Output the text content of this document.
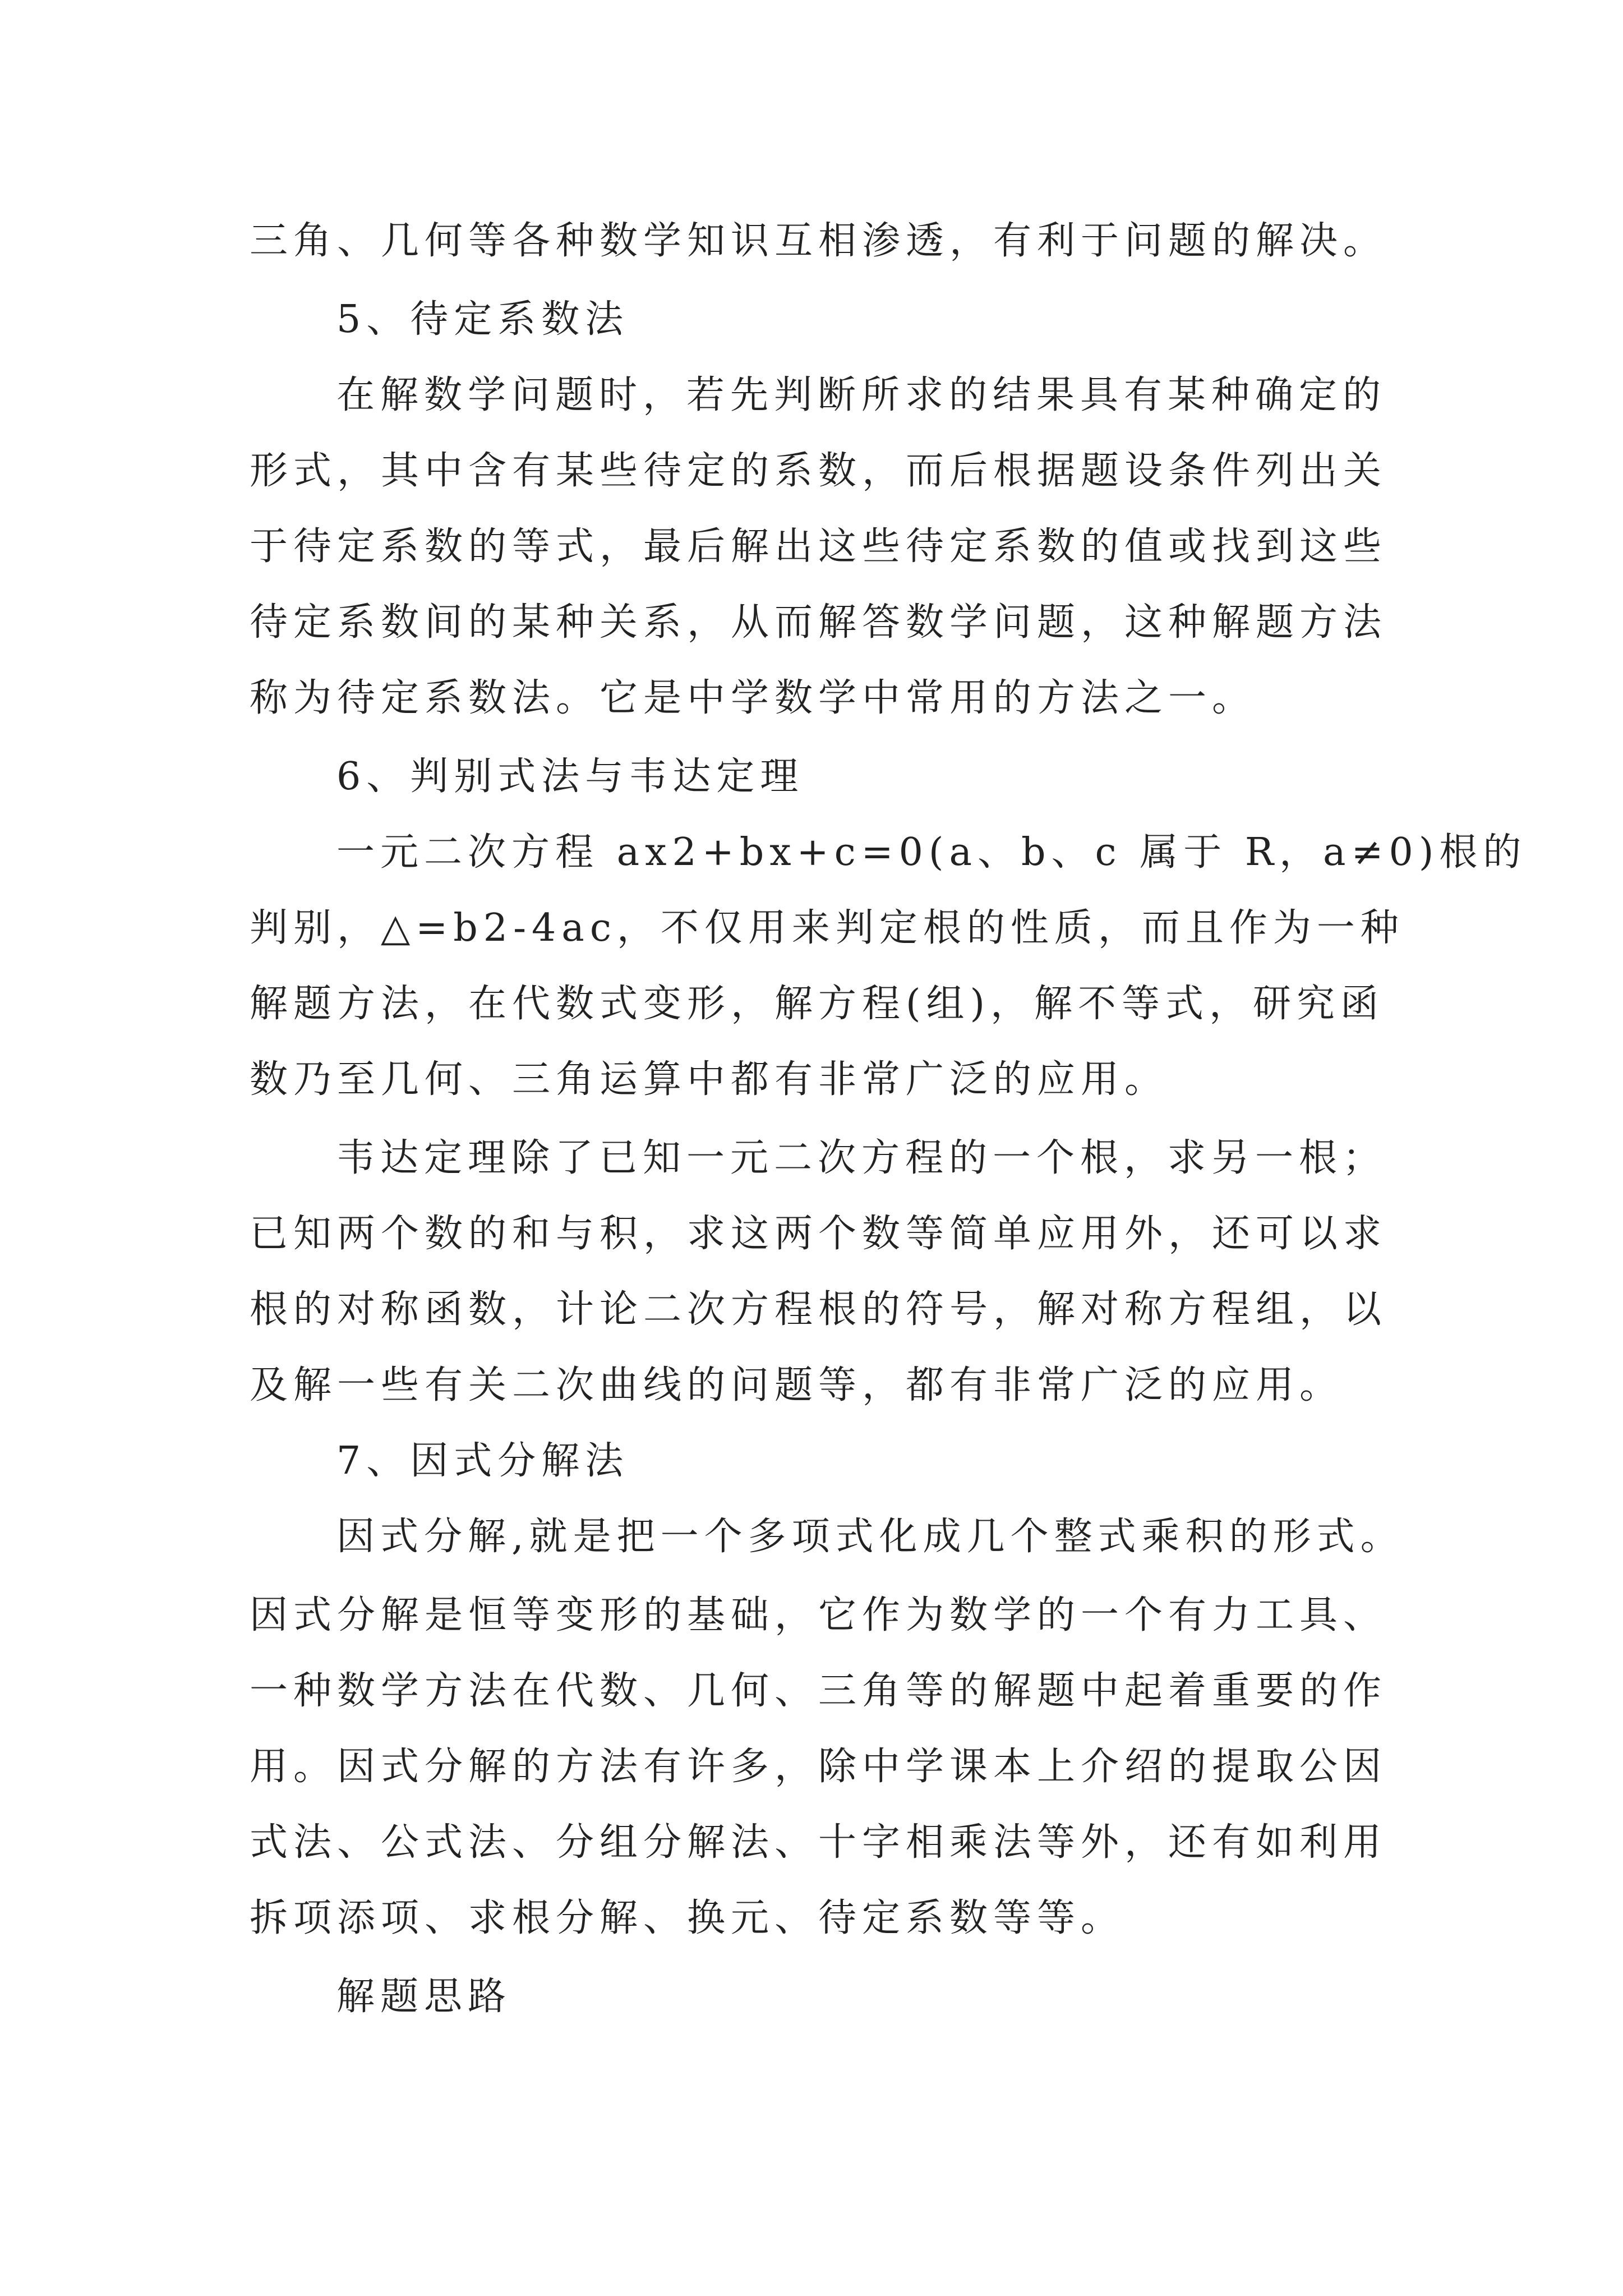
三角、几何等各种数学知识互相渗透，有利于问题的解决。

5、待定系数法

在解数学问题时，若先判断所求的结果具有某种确定的

形式，其中含有某些待定的系数，而后根据题设条件列出关

于待定系数的等式，最后解出这些待定系数的值或找到这些

待定系数间的某种关系，从而解答数学问题，这种解题方法

称为待定系数法。它是中学数学中常用的方法之一。

6、判别式法与韦达定理

一元二次方程 ax2+bx+c=0(a、b、c 属于 R，a≠0)根的

判别，△=b2-4ac，不仅用来判定根的性质，而且作为一种

解题方法，在代数式变形，解方程(组)，解不等式，研究函

数乃至几何、三角运算中都有非常广泛的应用。

韦达定理除了已知一元二次方程的一个根，求另一根；

已知两个数的和与积，求这两个数等简单应用外，还可以求

根的对称函数，计论二次方程根的符号，解对称方程组，以

及解一些有关二次曲线的问题等，都有非常广泛的应用。

7、因式分解法

因式分解,就是把一个多项式化成几个整式乘积的形式。

因式分解是恒等变形的基础，它作为数学的一个有力工具、

一种数学方法在代数、几何、三角等的解题中起着重要的作

用。因式分解的方法有许多，除中学课本上介绍的提取公因

式法、公式法、分组分解法、十字相乘法等外，还有如利用

拆项添项、求根分解、换元、待定系数等等。

解题思路
